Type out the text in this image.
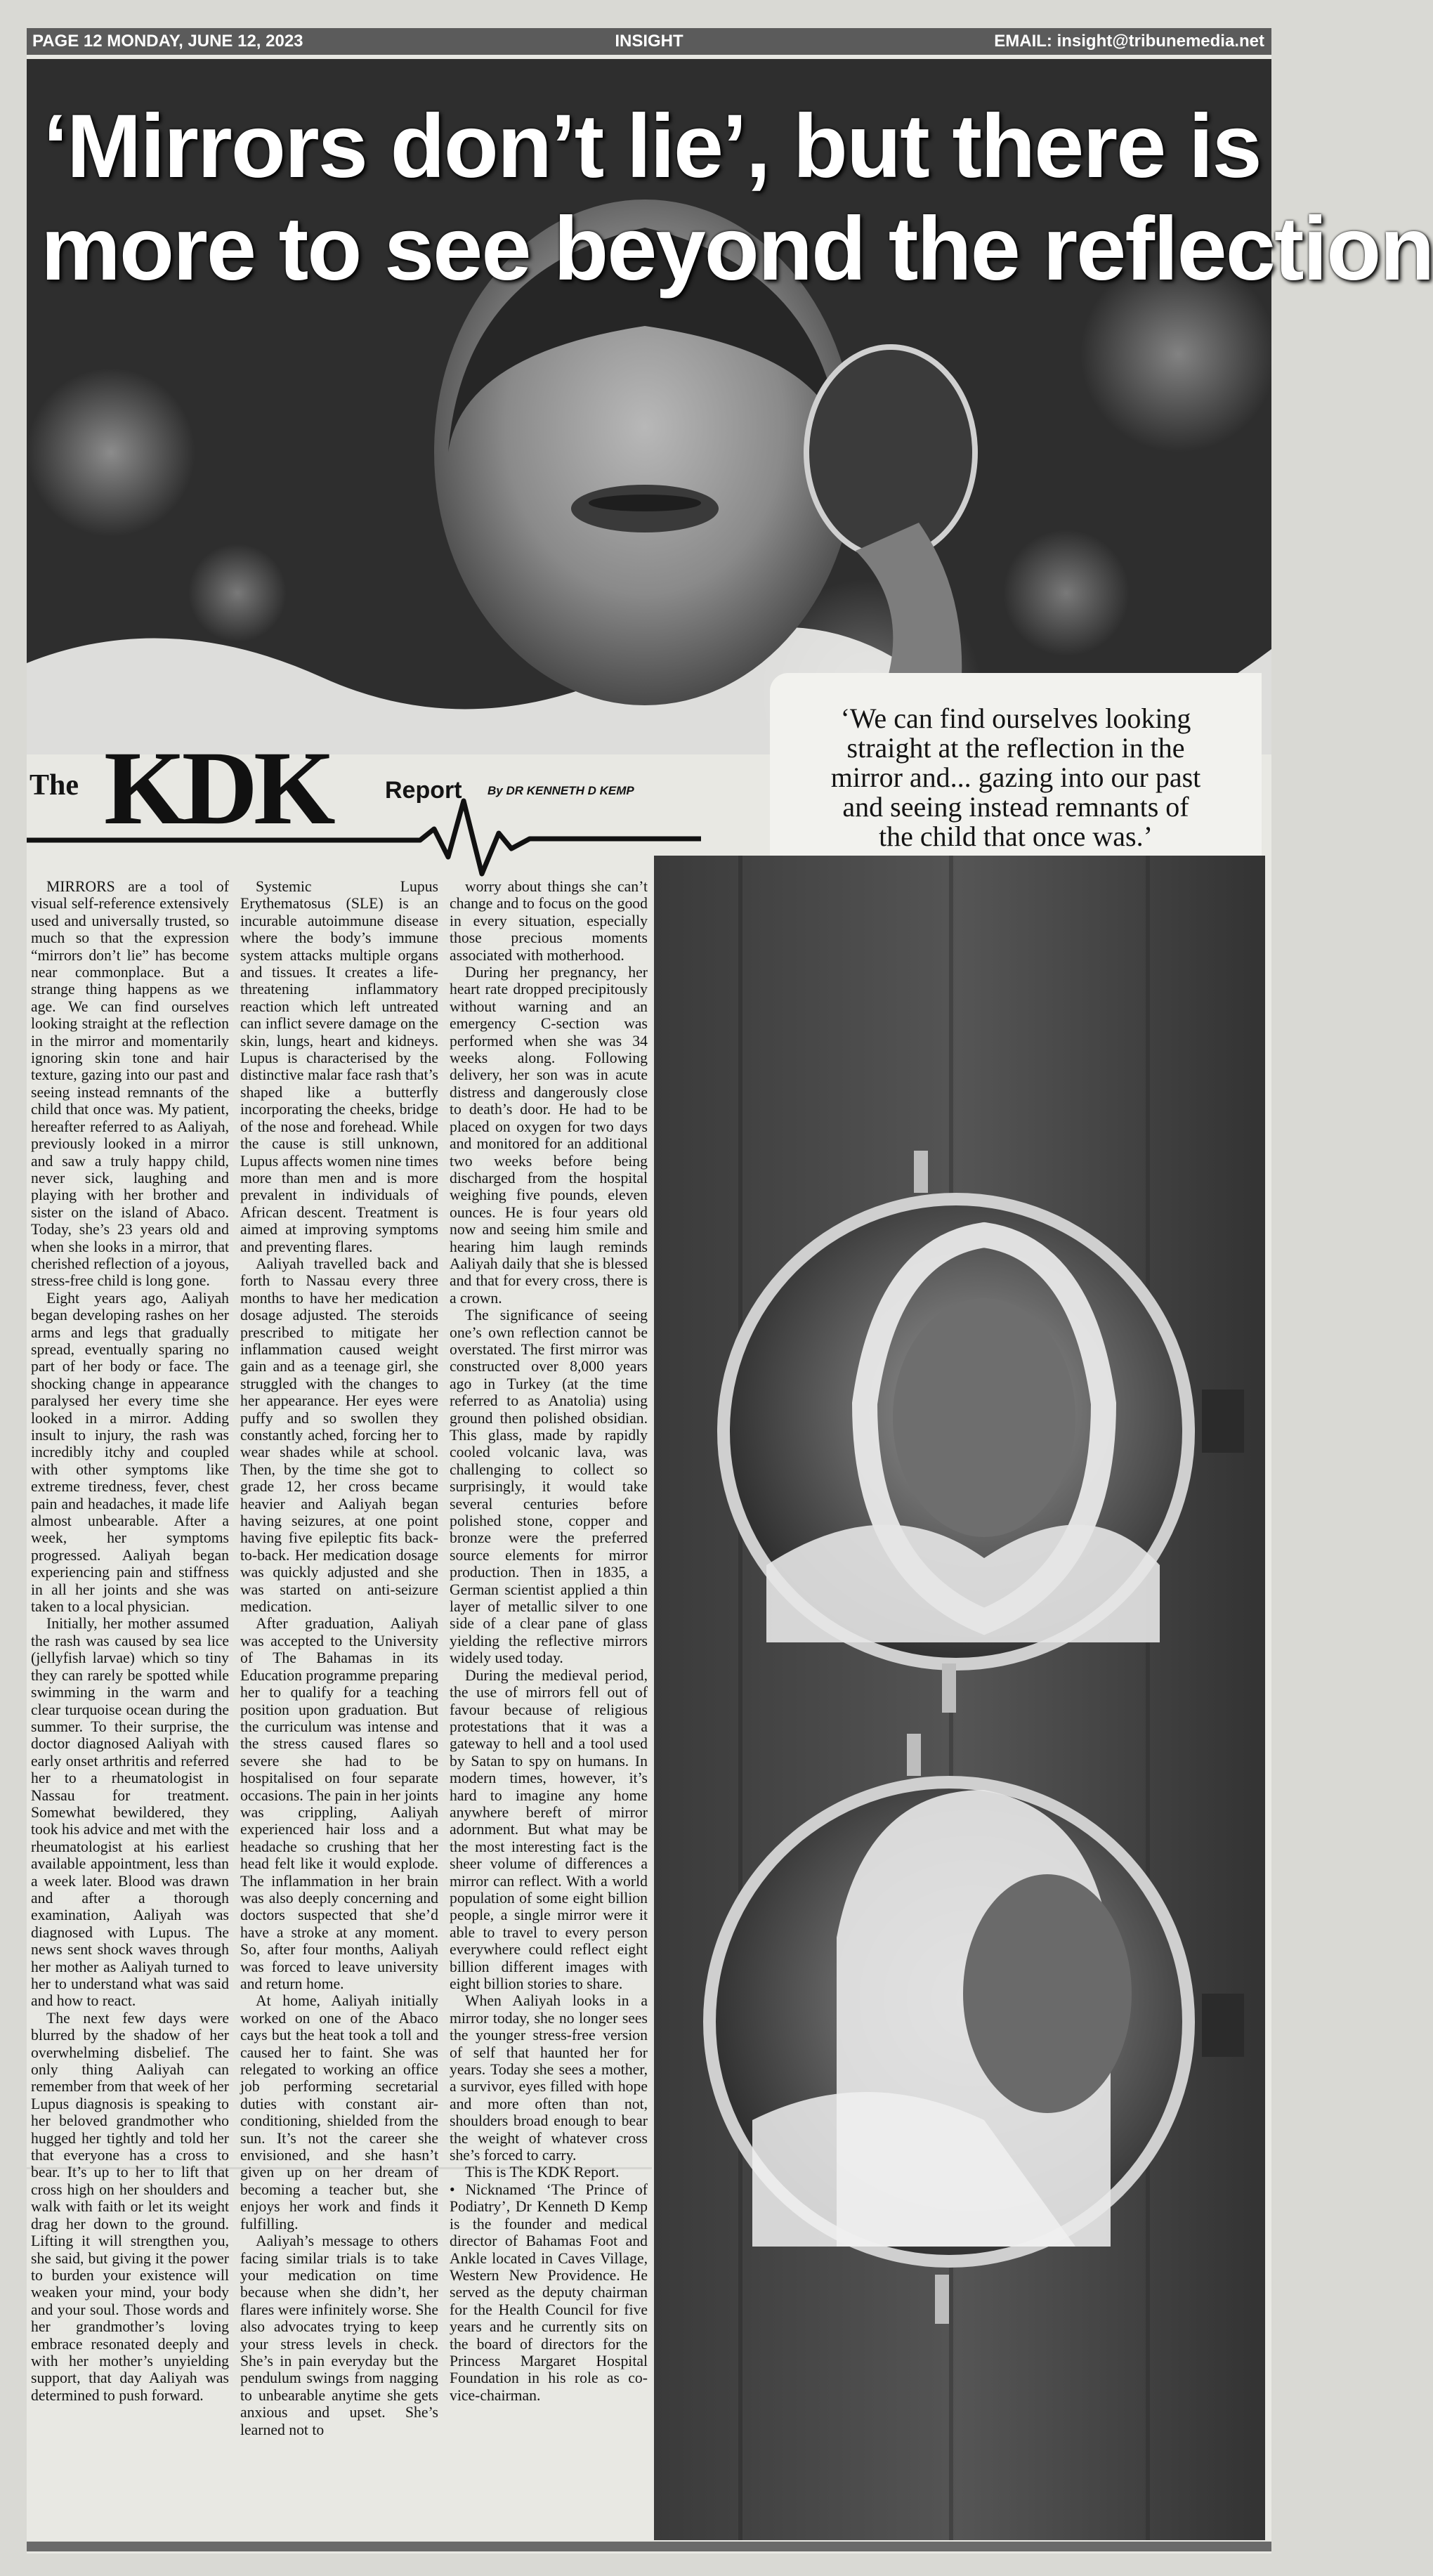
PAGE 12 MONDAY, JUNE 12, 2023	INSIGHT	EMAIL: insight@tribunemedia.net
‘Mirrors don’t lie’, but there is
more to see beyond the reflection
‘We can find ourselves looking
straight at the reflection in the
mirror and... gazing into our past
and seeing instead remnants of
the child that once was.’
The KDK Report By DR KENNETH D KEMP

MIRRORS are a tool of visual self-reference extensively used and universally trusted, so much so that the expression “mirrors don’t lie” has become near commonplace. But a strange thing happens as we age. We can find ourselves looking straight at the reflection in the mirror and momentarily ignoring skin tone and hair texture, gazing into our past and seeing instead remnants of the child that once was. My patient, hereafter referred to as Aaliyah, previously looked in a mirror and saw a truly happy child, never sick, laughing and playing with her brother and sister on the island of Abaco. Today, she’s 23 years old and when she looks in a mirror, that cherished reflection of a joyous, stress-free child is long gone.

Eight years ago, Aaliyah began developing rashes on her arms and legs that gradually spread, eventually sparing no part of her body or face. The shocking change in appearance paralysed her every time she looked in a mirror. Adding insult to injury, the rash was incredibly itchy and coupled with other symptoms like extreme tiredness, fever, chest pain and headaches, it made life almost unbearable. After a week, her symptoms progressed. Aaliyah began experiencing pain and stiffness in all her joints and she was taken to a local physician.

Initially, her mother assumed the rash was caused by sea lice (jellyfish larvae) which so tiny they can rarely be spotted while swimming in the warm and clear turquoise ocean during the summer. To their surprise, the doctor diagnosed Aaliyah with early onset arthritis and referred her to a rheumatologist in Nassau for treatment. Somewhat bewildered, they took his advice and met with the rheumatologist at his earliest available appointment, less than a week later. Blood was drawn and after a thorough examination, Aaliyah was diagnosed with Lupus. The news sent shock waves through her mother as Aaliyah turned to her to understand what was said and how to react.

The next few days were blurred by the shadow of her overwhelming disbelief. The only thing Aaliyah can remember from that week of her Lupus diagnosis is speaking to her beloved grandmother who hugged her tightly and told her that everyone has a cross to bear. It’s up to her to lift that cross high on her shoulders and walk with faith or let its weight drag her down to the ground. Lifting it will strengthen you, she said, but giving it the power to burden your existence will weaken your mind, your body and your soul. Those words and her grandmother’s loving embrace resonated deeply and with her mother’s unyielding support, that day Aaliyah was determined to push forward.

Systemic Lupus Erythematosus (SLE) is an incurable autoimmune disease where the body’s immune system attacks multiple organs and tissues. It creates a life-threatening inflammatory reaction which left untreated can inflict severe damage on the skin, lungs, heart and kidneys. Lupus is characterised by the distinctive malar face rash that’s shaped like a butterfly incorporating the cheeks, bridge of the nose and forehead. While the cause is still unknown, Lupus affects women nine times more than men and is more prevalent in individuals of African descent. Treatment is aimed at improving symptoms and preventing flares.

Aaliyah travelled back and forth to Nassau every three months to have her medication dosage adjusted. The steroids prescribed to mitigate her inflammation caused weight gain and as a teenage girl, she struggled with the changes to her appearance. Her eyes were puffy and so swollen they constantly ached, forcing her to wear shades while at school. Then, by the time she got to grade 12, her cross became heavier and Aaliyah began having seizures, at one point having five epileptic fits back-to-back. Her medication dosage was quickly adjusted and she was started on anti-seizure medication.

After graduation, Aaliyah was accepted to the University of The Bahamas in its Education programme preparing her to qualify for a teaching position upon graduation. But the curriculum was intense and the stress caused flares so severe she had to be hospitalised on four separate occasions. The pain in her joints was crippling, Aaliyah experienced hair loss and a headache so crushing that her head felt like it would explode. The inflammation in her brain was also deeply concerning and doctors suspected that she’d have a stroke at any moment. So, after four months, Aaliyah was forced to leave university and return home.

At home, Aaliyah initially worked on one of the Abaco cays but the heat took a toll and caused her to faint. She was relegated to working an office job performing secretarial duties with constant air-conditioning, shielded from the sun. It’s not the career she envisioned, and she hasn’t given up on her dream of becoming a teacher but, she enjoys her work and finds it fulfilling.

Aaliyah’s message to others facing similar trials is to take your medication on time because when she didn’t, her flares were infinitely worse. She also advocates trying to keep your stress levels in check. She’s in pain everyday but the pendulum swings from nagging to unbearable anytime she gets anxious and upset. She’s learned not to

worry about things she can’t change and to focus on the good in every situation, especially those precious moments associated with motherhood.

During her pregnancy, her heart rate dropped precipitously without warning and an emergency C-section was performed when she was 34 weeks along. Following delivery, her son was in acute distress and dangerously close to death’s door. He had to be placed on oxygen for two days and monitored for an additional two weeks before being discharged from the hospital weighing five pounds, eleven ounces. He is four years old now and seeing him smile and hearing him laugh reminds Aaliyah daily that she is blessed and that for every cross, there is a crown.

The significance of seeing one’s own reflection cannot be overstated. The first mirror was constructed over 8,000 years ago in Turkey (at the time referred to as Anatolia) using ground then polished obsidian. This glass, made by rapidly cooled volcanic lava, was challenging to collect so surprisingly, it would take several centuries before polished stone, copper and bronze were the preferred source elements for mirror production. Then in 1835, a German scientist applied a thin layer of metallic silver to one side of a clear pane of glass yielding the reflective mirrors widely used today.

During the medieval period, the use of mirrors fell out of favour because of religious protestations that it was a gateway to hell and a tool used by Satan to spy on humans. In modern times, however, it’s hard to imagine any home anywhere bereft of mirror adornment. But what may be the most interesting fact is the sheer volume of differences a mirror can reflect. With a world population of some eight billion people, a single mirror were it able to travel to every person everywhere could reflect eight billion different images with eight billion stories to share.

When Aaliyah looks in a mirror today, she no longer sees the younger stress-free version of self that haunted her for years. Today she sees a mother, a survivor, eyes filled with hope and more often than not, shoulders broad enough to bear the weight of whatever cross she’s forced to carry.

This is The KDK Report.

• Nicknamed ‘The Prince of Podiatry’, Dr Kenneth D Kemp is the founder and medical director of Bahamas Foot and Ankle located in Caves Village, Western New Providence. He served as the deputy chairman for the Health Council for five years and he currently sits on the board of directors for the Princess Margaret Hospital Foundation in his role as co-vice-chairman.
